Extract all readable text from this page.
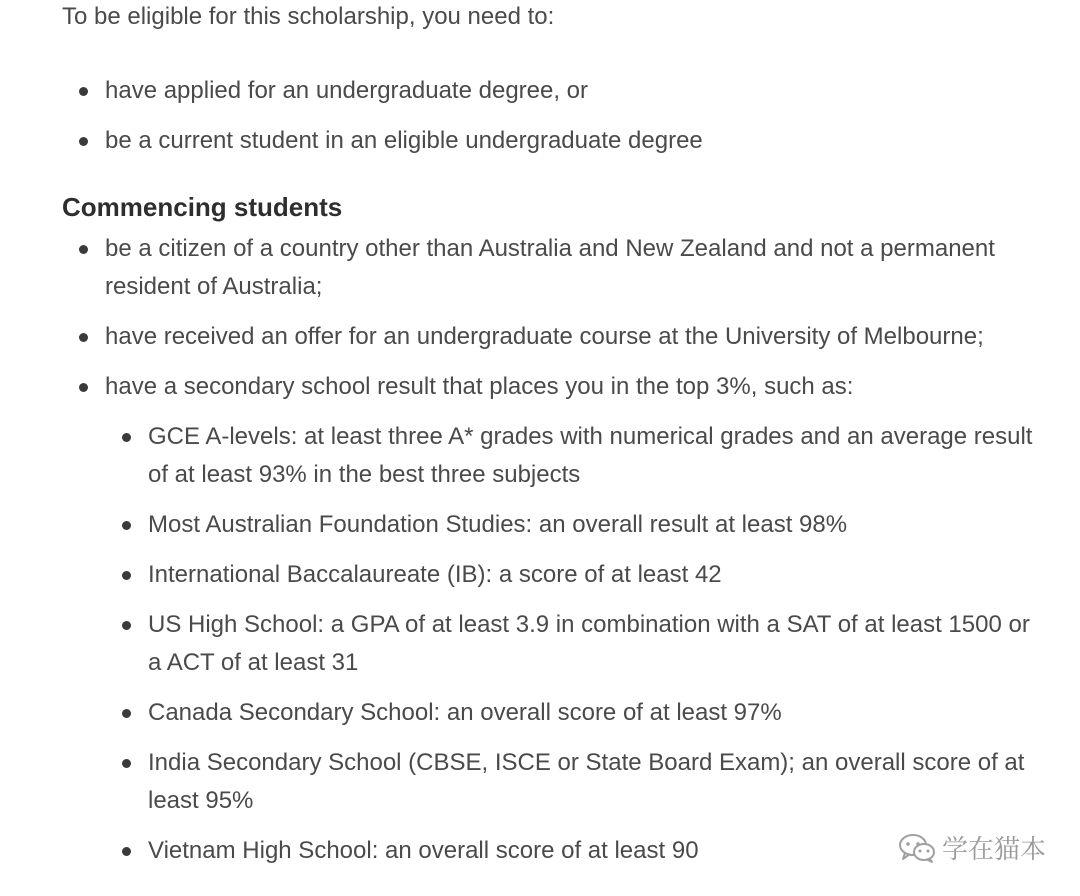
To be eligible for this scholarship, you need to:

have applied for an undergraduate degree, or
be a current student in an eligible undergraduate degree
Commencing students
be a citizen of a country other than Australia and New Zealand and not a permanent resident of Australia;
have received an offer for an undergraduate course at the University of Melbourne;
have a secondary school result that places you in the top 3%, such as:
GCE A-levels: at least three A* grades with numerical grades and an average result of at least 93% in the best three subjects
Most Australian Foundation Studies: an overall result at least 98%
International Baccalaureate (IB): a score of at least 42
US High School: a GPA of at least 3.9 in combination with a SAT of at least 1500 or a ACT of at least 31
Canada Secondary School: an overall score of at least 97%
India Secondary School (CBSE, ISCE or State Board Exam); an overall score of at least 95%
Vietnam High School: an overall score of at least 90	学在猫本
